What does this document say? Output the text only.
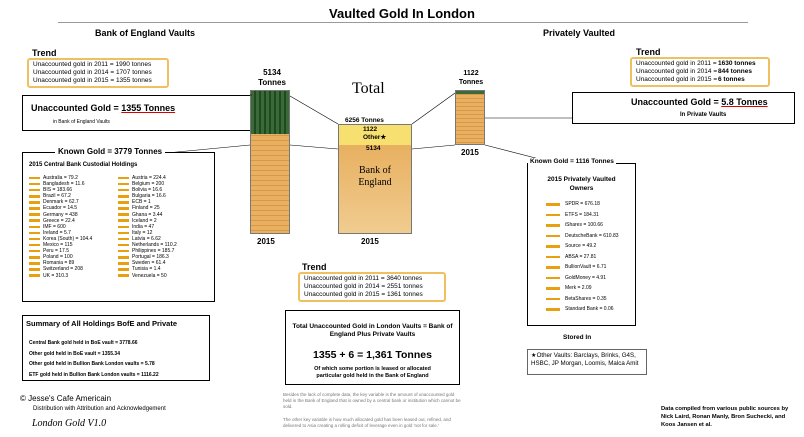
Vaulted Gold In London
Bank of England Vaults
Trend
Unaccounted gold in 2011 = 1990 tonnes
Unaccounted gold in 2014 = 1707 tonnes
Unaccounted gold in 2015 = 1355 tonnes
Unaccounted Gold = 1355 Tonnes
in Bank of England Vaults
5134
Tonnes
2015
Known Gold = 3779 Tonnes
2015 Central Bank Custodial Holdings
Australia = 79.2
Bangladesh = 11.6
BIS = 183.66
Brazil = 67.2
Denmark = 62.7
Ecuador = 14.5
Germany = 438
Greece = 22.4
IMF = 600
Ireland = 5.7
Korea (South) = 104.4
Mexico = 115
Peru = 17.5
Poland = 100
Romania = 89
Switzerland = 208
UK = 310.3
Austria = 224.4
Belgium = 200
Bolivia = 16.6
Bulgaria = 16.6
ECB = 1
Finland = 25
Ghana = 3.44
Iceland = 2
India = 47
Italy = 12
Latvia = 6.62
Netherlands = 110.2
Philippines = 185.7
Portugal = 186.3
Sweden = 61.4
Tunisia = 1.4
Venezuela = 50
Summary of All Holdings BofE and Private
Central Bank gold held in BoE vault = 3778.66
Other gold held in BoE vault = 1355.34
Other gold held in Bullion Bank London vaults = 5.78
ETF gold held in Bullion Bank London vaults = 1116.22
© Jesse's Cafe Americain
Distribution with Attribution and Acknowledgement
London Gold V1.0
Total
6256 Tonnes
1122
Other★
5134
Bank of
England
2015
Trend
Unaccounted gold in 2011 = 3640 tonnes
Unaccounted gold in 2014 = 2551 tonnes
Unaccounted gold in 2015 = 1361 tonnes
Total Unaccounted Gold in London Vaults = Bank of England Plus Private Vaults
1355 + 6 = 1,361 Tonnes
Of which some portion is leased or allocated particular gold held in the Bank of England
Besides the lack of complete data, the key variable is the amount of unaccounted gold held in the Bank of England that is owned by a central bank or institution which cannot be sold.
The other key variable is how much allocated gold has been leased out, refined, and delivered to Asia creating a rolling deficit of leverage even in gold 'not for sale.'
Privately Vaulted
Trend
Unaccounted gold in 2011 = 1630 tonnes
Unaccounted gold in 2014 = 844 tonnes
Unaccounted gold in 2015 = 6 tonnes
Unaccounted Gold = 5.8 Tonnes
In Private Vaults
1122
Tonnes
2015
Known Gold = 1116 Tonnes
2015 Privately Vaulted
Owners
SPDR = 676.18
ETFS = 184.31
iShares = 100.66
DeutscheBank = 610.83
Source = 49.2
ABSA = 27.81
BullionVault = 6.71
GoldMoney = 4.91
Merk = 2.09
BetaShares = 0.35
Standard Bank = 0.06
Stored In
★Other Vaults: Barclays, Brinks, G4S, HSBC, JP Morgan, Loomis, Malca Amit
Data compiled from various public sources by Nick Laird, Ronan Manly, Bron Suchecki, and Koos Jansen et al.
